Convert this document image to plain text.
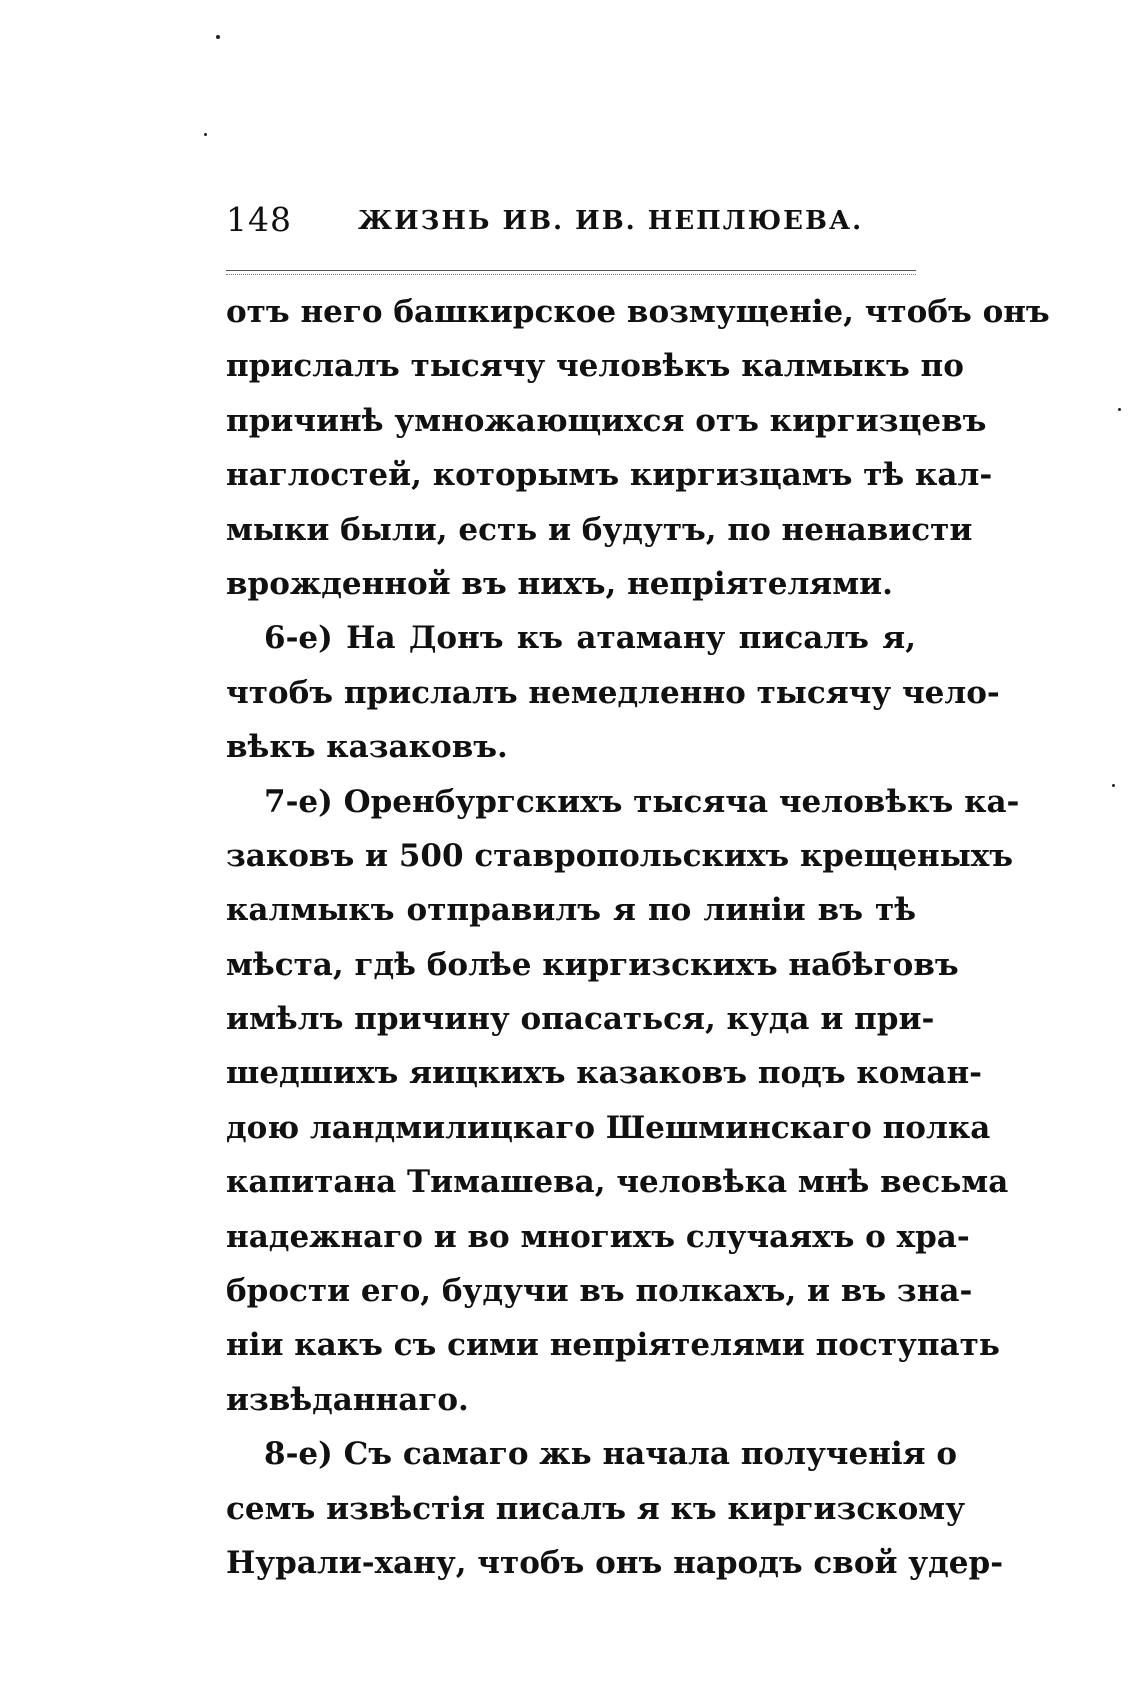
148	ЖИЗНЬ ИВ. ИВ. НЕПЛЮЕВА.
отъ него башкирское возмущеніе, чтобъ онъ
прислалъ тысячу человѣкъ калмыкъ по
причинѣ умножающихся отъ киргизцевъ
наглостей, которымъ киргизцамъ тѣ кал-
мыки были, есть и будутъ, по ненависти
врожденной въ нихъ, непріятелями.
6-е) На Донъ къ атаману писалъ я,
чтобъ прислалъ немедленно тысячу чело-
вѣкъ казаковъ.
7-е) Оренбургскихъ тысяча человѣкъ ка-
заковъ и 500 ставропольскихъ крещеныхъ
калмыкъ отправилъ я по линіи въ тѣ
мѣста, гдѣ болѣе киргизскихъ набѣговъ
имѣлъ причину опасаться, куда и при-
шедшихъ яицкихъ казаковъ подъ коман-
дою ландмилицкаго Шешминскаго полка
капитана Тимашева, человѣка мнѣ весьма
надежнаго и во многихъ случаяхъ о хра-
брости его, будучи въ полкахъ, и въ зна-
ніи какъ съ сими непріятелями поступать
извѣданнаго.
8-е) Съ самаго жь начала полученія о
семъ извѣстія писалъ я къ киргизскому
Нурали-хану, чтобъ онъ народъ свой удер-
